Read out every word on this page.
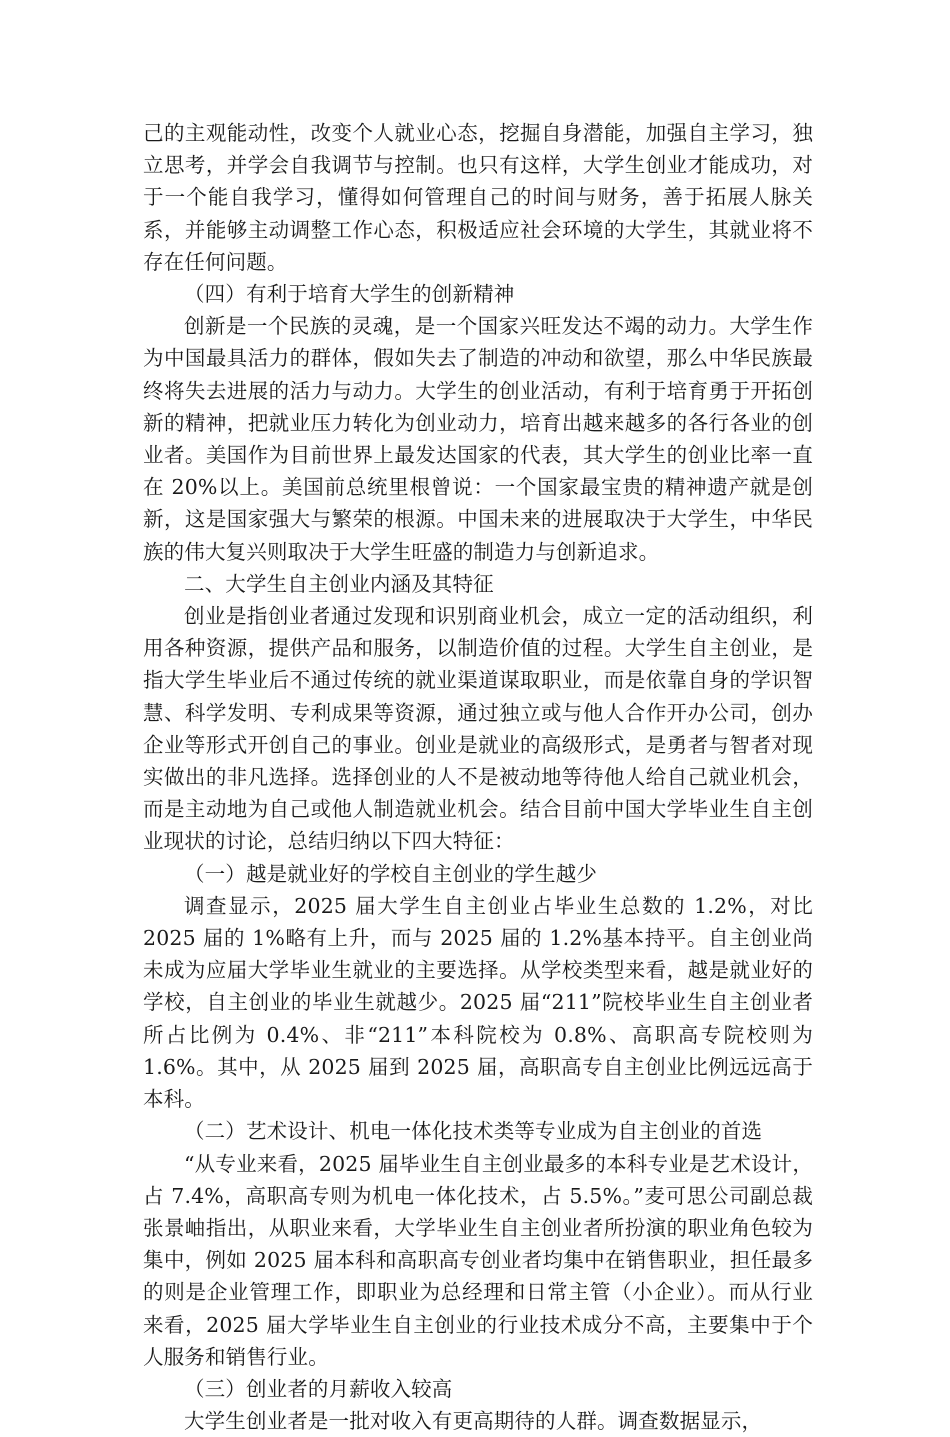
己的主观能动性，改变个人就业心态，挖掘自身潜能，加强自主学习，独立思考，并学会自我调节与控制。也只有这样，大学生创业才能成功，对于一个能自我学习，懂得如何管理自己的时间与财务，善于拓展人脉关系，并能够主动调整工作心态，积极适应社会环境的大学生，其就业将不存在任何问题。

（四）有利于培育大学生的创新精神

创新是一个民族的灵魂，是一个国家兴旺发达不竭的动力。大学生作为中国最具活力的群体，假如失去了制造的冲动和欲望，那么中华民族最终将失去进展的活力与动力。大学生的创业活动，有利于培育勇于开拓创新的精神，把就业压力转化为创业动力，培育出越来越多的各行各业的创业者。美国作为目前世界上最发达国家的代表，其大学生的创业比率一直在 20%以上。美国前总统里根曾说：一个国家最宝贵的精神遗产就是创新，这是国家强大与繁荣的根源。中国未来的进展取决于大学生，中华民族的伟大复兴则取决于大学生旺盛的制造力与创新追求。

二、大学生自主创业内涵及其特征

创业是指创业者通过发现和识别商业机会，成立一定的活动组织，利用各种资源，提供产品和服务，以制造价值的过程。大学生自主创业，是指大学生毕业后不通过传统的就业渠道谋取职业，而是依靠自身的学识智慧、科学发明、专利成果等资源，通过独立或与他人合作开办公司，创办企业等形式开创自己的事业。创业是就业的高级形式，是勇者与智者对现实做出的非凡选择。选择创业的人不是被动地等待他人给自己就业机会，而是主动地为自己或他人制造就业机会。结合目前中国大学毕业生自主创业现状的讨论，总结归纳以下四大特征：

（一）越是就业好的学校自主创业的学生越少

调查显示，2025 届大学生自主创业占毕业生总数的 1.2%，对比 2025 届的 1%略有上升，而与 2025 届的 1.2%基本持平。自主创业尚未成为应届大学毕业生就业的主要选择。从学校类型来看，越是就业好的学校，自主创业的毕业生就越少。2025 届“211”院校毕业生自主创业者所占比例为 0.4%、非“211”本科院校为 0.8%、高职高专院校则为 1.6%。其中，从 2025 届到 2025 届，高职高专自主创业比例远远高于本科。

（二）艺术设计、机电一体化技术类等专业成为自主创业的首选

“从专业来看，2025 届毕业生自主创业最多的本科专业是艺术设计，占 7.4%，高职高专则为机电一体化技术，占 5.5%。”麦可思公司副总裁张景岫指出，从职业来看，大学毕业生自主创业者所扮演的职业角色较为集中，例如 2025 届本科和高职高专创业者均集中在销售职业，担任最多的则是企业管理工作，即职业为总经理和日常主管（小企业）。而从行业来看，2025 届大学毕业生自主创业的行业技术成分不高，主要集中于个人服务和销售行业。

（三）创业者的月薪收入较高

大学生创业者是一批对收入有更高期待的人群。调查数据显示，
